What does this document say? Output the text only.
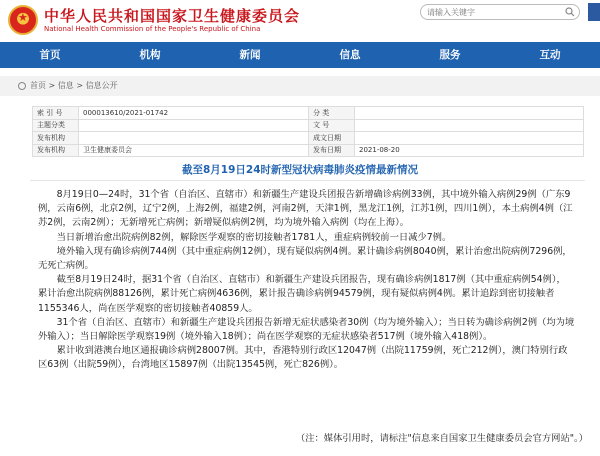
★
中华人民共和国国家卫生健康委员会
National Health Commission of the People's Republic of China
请输入关键字
首页	机构	新闻	信息	服务	互动
首页 > 信息 > 信息公开
索 引 号	000013610/2021-01742	分 类	
主题分类		文 号	
发布机构		成文日期	
发布机构	卫生健康委员会	发布日期	2021-08-20
截至8月19日24时新型冠状病毒肺炎疫情最新情况

8月19日0—24时，31个省（自治区、直辖市）和新疆生产建设兵团报告新增确诊病例33例，其中境外输入病例29例（广东9例，云南6例，北京2例，辽宁2例，上海2例，福建2例，河南2例，天津1例，黑龙江1例，江苏1例，四川1例），本土病例4例（江苏2例，云南2例）；无新增死亡病例；新增疑似病例2例，均为境外输入病例（均在上海）。

当日新增治愈出院病例82例，解除医学观察的密切接触者1781人，重症病例较前一日减少7例。

境外输入现有确诊病例744例（其中重症病例12例），现有疑似病例4例。累计确诊病例8040例，累计治愈出院病例7296例，无死亡病例。

截至8月19日24时，据31个省（自治区、直辖市）和新疆生产建设兵团报告，现有确诊病例1817例（其中重症病例54例），累计治愈出院病例88126例，累计死亡病例4636例，累计报告确诊病例94579例，现有疑似病例4例。累计追踪到密切接触者1155346人，尚在医学观察的密切接触者40859人。

31个省（自治区、直辖市）和新疆生产建设兵团报告新增无症状感染者30例（均为境外输入）；当日转为确诊病例2例（均为境外输入）；当日解除医学观察19例（境外输入18例）；尚在医学观察的无症状感染者517例（境外输入418例）。

累计收到港澳台地区通报确诊病例28007例。其中，香港特别行政区12047例（出院11759例，死亡212例），澳门特别行政区63例（出院59例），台湾地区15897例（出院13545例，死亡826例）。

（注：媒体引用时，请标注"信息来自国家卫生健康委员会官方网站"。）
